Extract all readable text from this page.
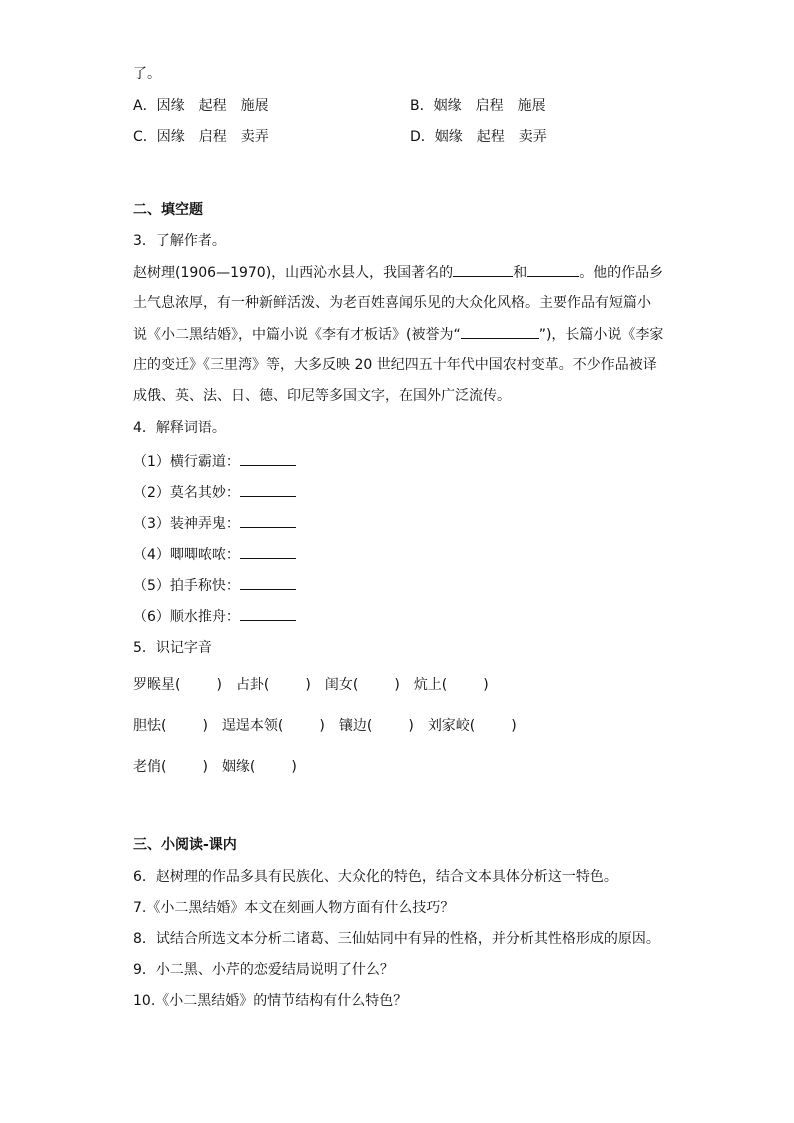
了。
A．因缘　起程　施展	B．姻缘　启程　施展
C．因缘　启程　卖弄	D．姻缘　起程　卖弄
二、填空题
3．了解作者。
赵树理(1906—1970)，山西沁水县人，我国著名的	和	。他的作品乡
土气息浓厚，有一种新鲜活泼、为老百姓喜闻乐见的大众化风格。主要作品有短篇小
说《小二黑结婚》，中篇小说《李有才板话》(被誉为“	”)，长篇小说《李家
庄的变迁》《三里湾》等，大多反映 20 世纪四五十年代中国农村变革。不少作品被译
成俄、英、法、日、德、印尼等多国文字，在国外广泛流传。
4．解释词语。
（1）横行霸道：
（2）莫名其妙：
（3）装神弄鬼：
（4）唧唧哝哝：
（5）拍手称快：
（6）顺水推舟：
5．识记字音
罗睺星(	) 占卦(	) 闺女(	) 炕上(	)
胆怯(	) 逞逞本领(	) 镶边(	) 刘家峧(	)
老俏(	) 姻缘(	)
三、小阅读-课内
6．赵树理的作品多具有民族化、大众化的特色，结合文本具体分析这一特色。
7.《小二黑结婚》本文在刻画人物方面有什么技巧？
8．试结合所选文本分析二诸葛、三仙姑同中有异的性格，并分析其性格形成的原因。
9．小二黑、小芹的恋爱结局说明了什么？
10.《小二黑结婚》的情节结构有什么特色？
